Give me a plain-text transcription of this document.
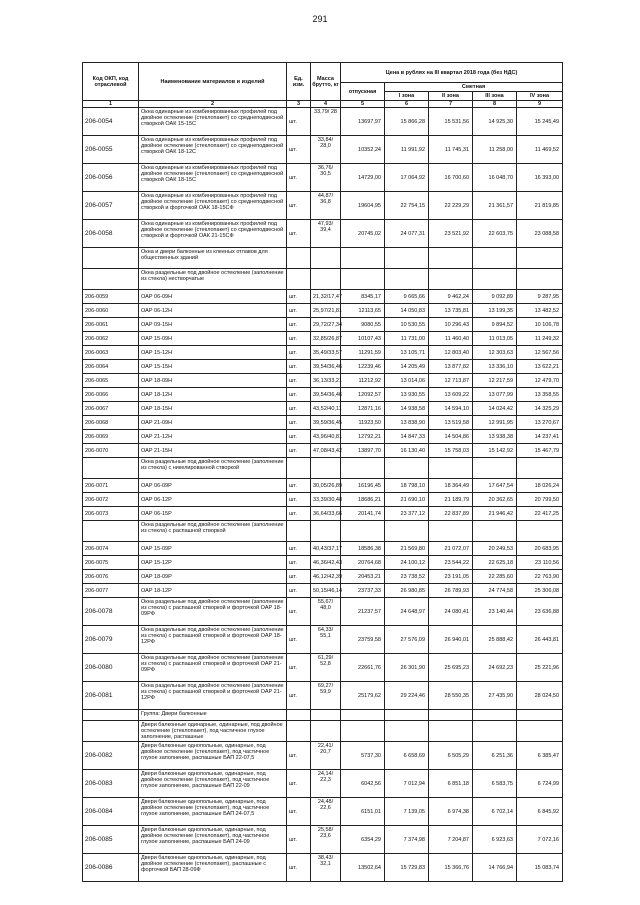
291
Код ОКП, код отраслевой	Наименование материалов и изделий	Ед. изм.	Масса брутто, кг	Цена в рублях на III квартал 2018 года (без НДС)				
				отпускная	Сметная			
					I зона	II зона	III зона	IV зона
1	2	3	4	5	6	7	8	9
206-0054	Окна одинарные из комбинированных профилей под двойное остекление (стеклопакет) со среднеподвесной створкой ОАК 15-15С	шт.	33,79/ 28	13697,97	15 866,28	15 531,56	14 925,30	15 245,49
206-0055	Окна одинарные из комбинированных профилей под двойное остекление (стеклопакет) со среднеподвесной створкой ОАК 18-12С	шт.	33,84/ 28,0	10352,24	11 991,92	11 745,31	11 258,00	11 469,52
206-0056	Окна одинарные из комбинированных профилей под двойное остекление (стеклопакет) со среднеподвесной створкой ОАК 18-15С	шт.	36,76/ 30,5	14729,00	17 064,92	16 700,60	16 048,70	16 393,00
206-0057	Окна одинарные из комбинированных профилей под двойное остекление (стеклопакет) со среднеподвесной створкой и форточкой ОАК 18-15СФ	шт.	44,87/ 36,8	19604,95	22 754,15	22 229,29	21 361,57	21 819,85
206-0058	Окна одинарные из комбинированных профилей под двойное остекление (стеклопакет) со среднеподвесной створкой и форточкой ОАК 21-15СФ	шт.	47,93/ 39,4	20745,02	24 077,31	23 521,92	22 603,75	23 088,58

	Окна и двери балконные из клееных отлавов для общественных зданий							

	Окна раздельные под двойное остекление (заполнение из стекла) нестворчатые							

206-0059	ОАР 06-09Н	шт.	21,32/17,47	8345,17	9 665,66	9 462,24	9 092,89	9 287,95
206-0060	ОАР 06-12Н	шт.	25,97/21,81	12113,65	14 050,83	13 735,81	13 199,35	13 482,52
206-0061	ОАР 09-15Н	шт.	29,72/27,34	9080,55	10 530,55	10 296,43	9 894,52	10 106,78
206-0062	ОАР 15-09Н	шт.	32,85/26,87	10107,43	11 731,00	11 460,40	11 013,05	11 249,32
206-0063	ОАР 15-12Н	шт.	35,49/33,57	11291,59	13 105,71	12 803,40	12 303,63	12 567,56
206-0064	ОАР 15-15Н	шт.	39,54/36,46	12239,46	14 205,49	13 877,82	13 336,10	13 622,21
206-0065	ОАР 18-09Н	шт.	36,13/33,21	11212,92	13 014,06	12 713,87	12 217,59	12 479,70
206-0066	ОАР 18-12Н	шт.	39,54/36,46	12092,57	13 930,55	13 609,22	13 077,99	13 358,55
206-0067	ОАР 18-15Н	шт.	43,52/40,11	12871,16	14 938,58	14 594,10	14 024,42	14 325,29
206-0068	ОАР 21-09Н	шт.	39,59/36,45	11923,50	13 838,90	13 519,58	12 991,95	13 270,67
206-0069	ОАР 21-12Н	шт.	43,96/40,81	12792,21	14 847,33	14 504,86	13 938,38	14 237,41
206-0070	ОАР 21-15Н	шт.	47,08/43,42	13897,70	16 130,40	15 758,03	15 142,92	15 467,79

	Окна раздельные под двойное остекление (заполнение из стекла) с никелированной створкой							

206-0071	ОАР 06-09Р	шт.	30,05/26,89	16196,45	18 798,10	18 364,49	17 647,54	18 026,24
206-0072	ОАР 06-12Р	шт.	33,39/30,48	18686,21	21 690,10	21 189,79	20 362,65	20 799,50
206-0073	ОАР 06-15Р	шт.	36,64/33,66	20141,74	23 377,12	22 837,89	21 946,42	22 417,25

	Окна раздельные под двойное остекление (заполнение из стекла) с распашной створкой							

206-0074	ОАР 15-09Р	шт.	40,43/37,17	18586,38	21 569,80	21 072,07	20 249,53	20 683,95
206-0075	ОАР 15-12Р	шт.	46,36/42,43	20764,68	24 100,12	23 544,22	22 625,18	23 110,56
206-0076	ОАР 18-09Р	шт.	46,12/42,39	20453,21	23 738,52	23 191,05	22 285,60	22 763,90
206-0077	ОАР 18-12Р	шт.	50,15/46,14	23737,33	26 980,85	26 789,93	24 774,58	25 306,08
206-0078	Окна раздельные под двойное остекление (заполнение из стекла) с распашной створкой и форточкой ОАР 18-09РФ	шт.	55,67/ 48,0	21237,57	24 648,97	24 080,41	23 140,44	23 636,88
206-0079	Окна раздельные под двойное остекление (заполнение из стекла) с распашной створкой и форточкой ОАР 18-12РФ	шт.	64,33/ 55,1	23759,58	27 576,09	26 940,01	25 888,42	26 443,81
206-0080	Окна раздельные под двойное остекление (заполнение из стекла) с распашной створкой и форточкой ОАР 21-09РФ	шт.	61,29/ 52,8	22661,76	26 301,90	25 695,23	24 692,23	25 221,96
206-0081	Окна раздельные под двойное остекление (заполнение из стекла) с распашной створкой и форточкой ОАР 21-12РФ	шт.	69,27/ 59,9	25179,62	29 224,46	28 550,35	27 435,90	28 024,50

	Группа: Двери балконные							

	Двери балконные одинарные, одинарные, под двойное остекление (стеклопакет), под частичное глухое заполнение, распашные							

206-0082	Двери балконные однопольные, одинарные, под двойное остекление (стеклопакет), под частичное глухое заполнение, распашные БАП 22-07,5	шт.	22,41/ 20,7	5737,30	6 658,69	6 505,29	6 251,36	6 385,47
206-0083	Двери балконные однопольные, одинарные, под двойное остекление (стеклопакет), под частичное глухое заполнение, распашные БАП 22-09	шт.	24,14/ 22,3	6042,56	7 012,94	6 851,18	6 583,75	6 724,99
206-0084	Двери балконные однопольные, одинарные, под двойное остекление (стеклопакет), под частичное глухое заполнение, распашные БАП 24-07,5	шт.	24,48/ 22,6	6151,01	7 139,05	6 974,38	6 702,14	6 845,92
206-0085	Двери балконные однопольные, одинарные, под двойное остекление (стеклопакет), под частичное глухое заполнение, распашные БАП 24-09	шт.	25,58/ 23,6	6354,29	7 374,98	7 204,87	6 923,63	7 072,16
206-0086	Двери балконные однопольные, одинарные, под двойное остекление (стеклопакет), распашные с форточкой БАП 28-09Ф	шт.	38,43/ 32,1	13502,64	15 729,83	15 366,76	14 766,94	15 083,74
